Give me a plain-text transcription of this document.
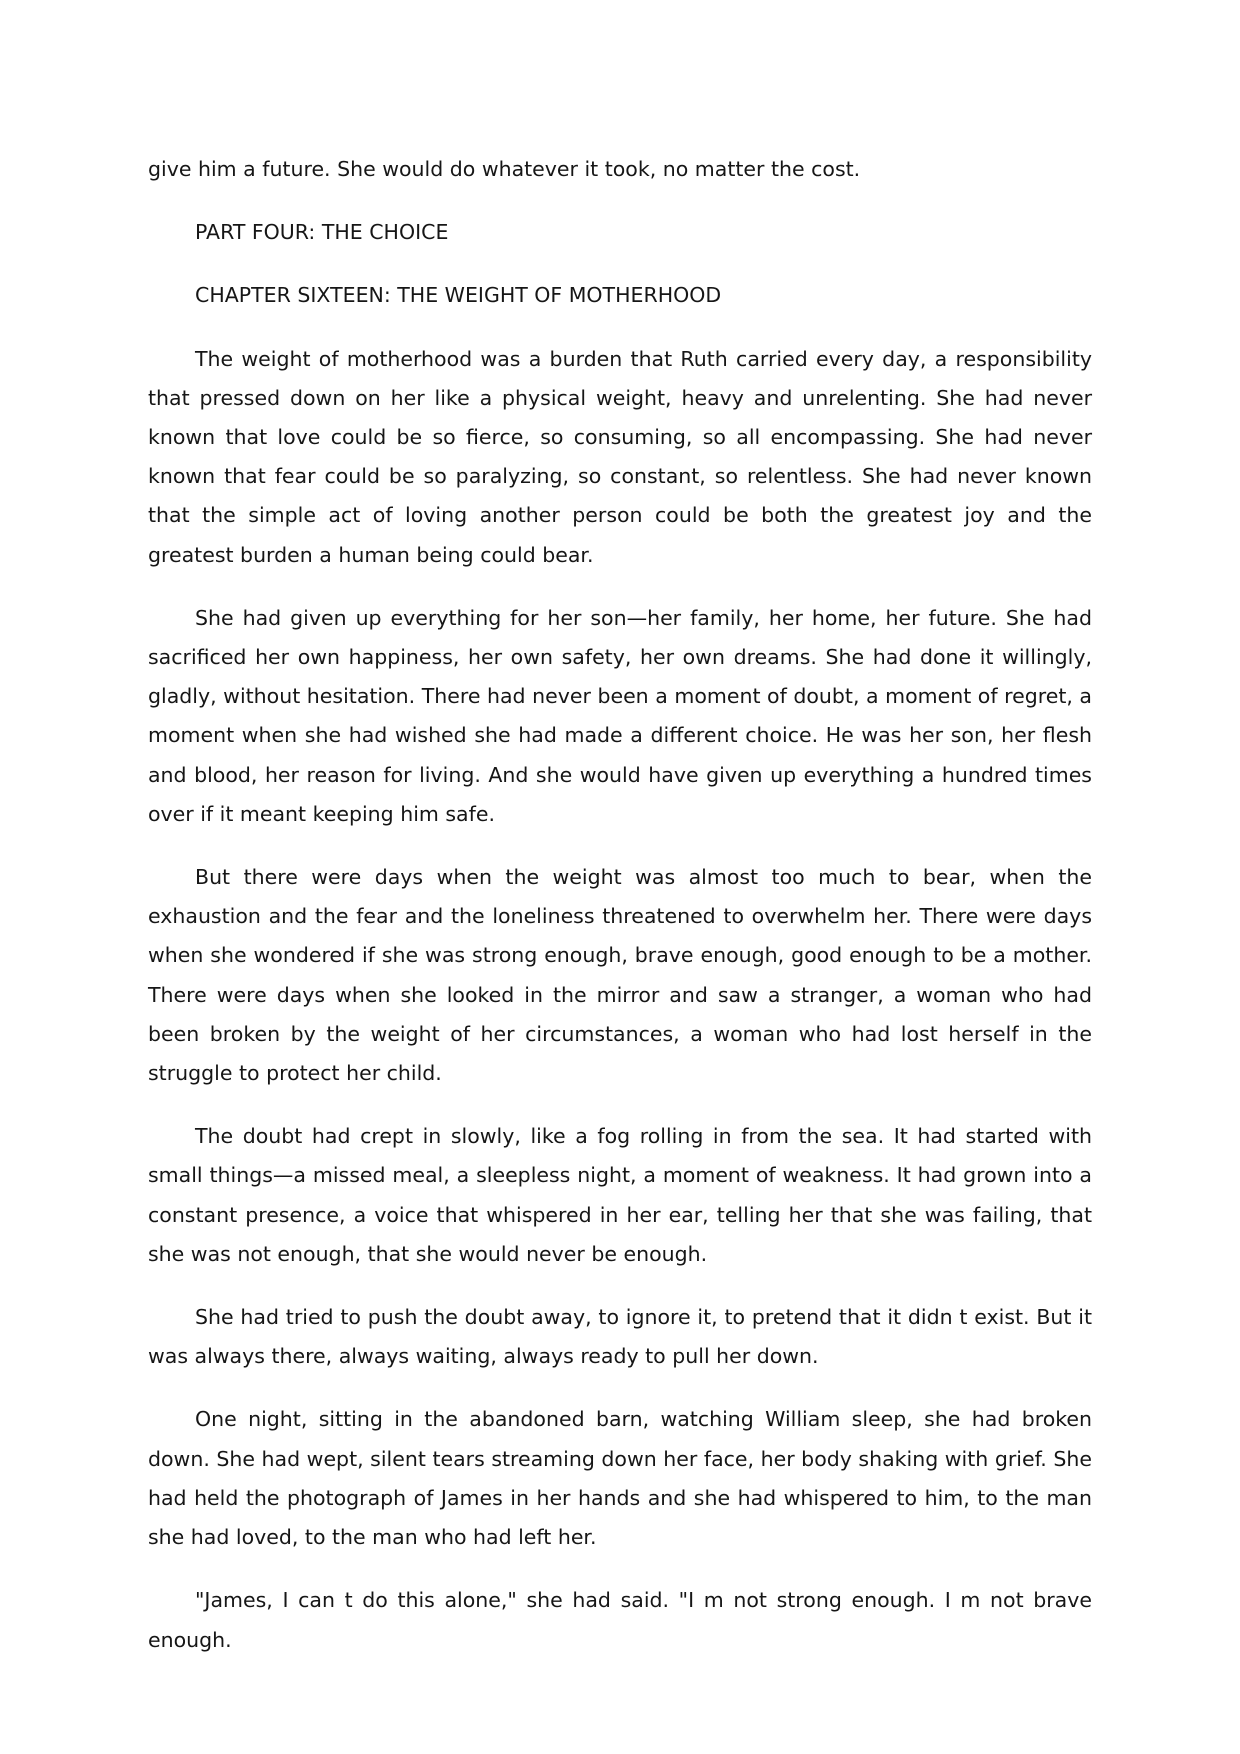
give him a future. She would do whatever it took, no matter the cost.

PART FOUR: THE CHOICE

CHAPTER SIXTEEN: THE WEIGHT OF MOTHERHOOD

The weight of motherhood was a burden that Ruth carried every day, a responsibility that pressed down on her like a physical weight, heavy and unrelenting. She had never known that love could be so fierce, so consuming, so all encompassing. She had never known that fear could be so paralyzing, so constant, so relentless. She had never known that the simple act of loving another person could be both the greatest joy and the greatest burden a human being could bear.

She had given up everything for her son—her family, her home, her future. She had sacrificed her own happiness, her own safety, her own dreams. She had done it willingly, gladly, without hesitation. There had never been a moment of doubt, a moment of regret, a moment when she had wished she had made a different choice. He was her son, her flesh and blood, her reason for living. And she would have given up everything a hundred times over if it meant keeping him safe.

But there were days when the weight was almost too much to bear, when the exhaustion and the fear and the loneliness threatened to overwhelm her. There were days when she wondered if she was strong enough, brave enough, good enough to be a mother. There were days when she looked in the mirror and saw a stranger, a woman who had been broken by the weight of her circumstances, a woman who had lost herself in the struggle to protect her child.

The doubt had crept in slowly, like a fog rolling in from the sea. It had started with small things—a missed meal, a sleepless night, a moment of weakness. It had grown into a constant presence, a voice that whispered in her ear, telling her that she was failing, that she was not enough, that she would never be enough.

She had tried to push the doubt away, to ignore it, to pretend that it didn t exist. But it was always there, always waiting, always ready to pull her down.

One night, sitting in the abandoned barn, watching William sleep, she had broken down. She had wept, silent tears streaming down her face, her body shaking with grief. She had held the photograph of James in her hands and she had whispered to him, to the man she had loved, to the man who had left her.

"James, I can t do this alone," she had said. "I m not strong enough. I m not brave enough.
